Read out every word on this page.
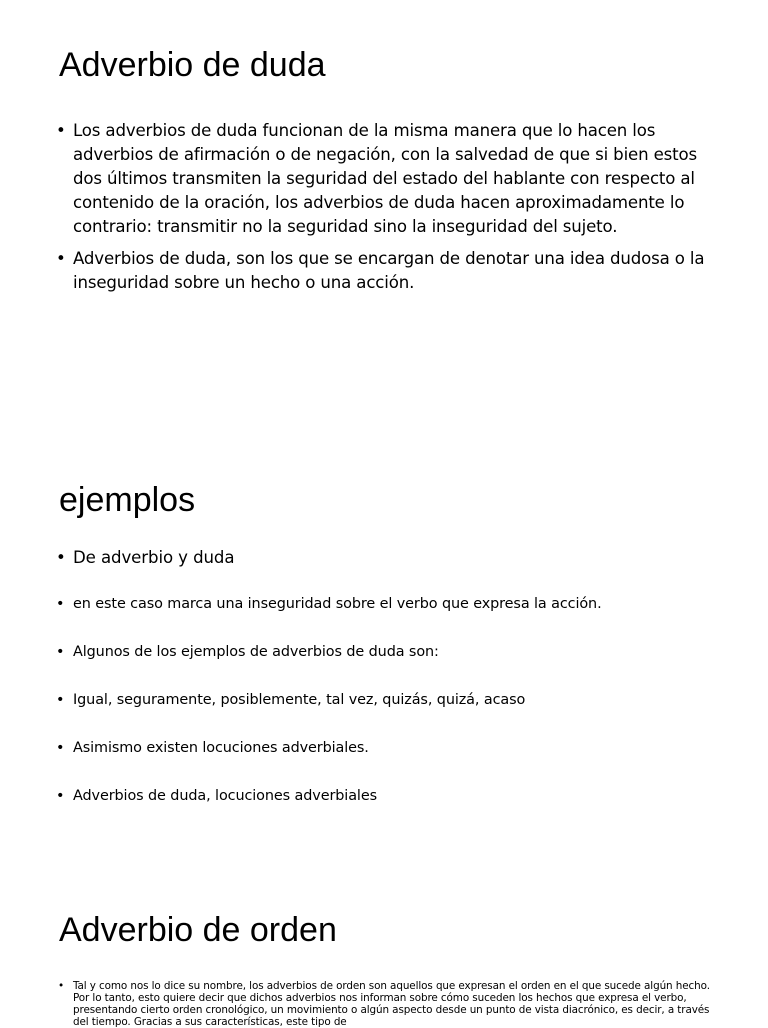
Adverbio de duda
• Los adverbios de duda funcionan de la misma manera que lo hacen los adverbios de afirmación o de negación, con la salvedad de que si bien estos dos últimos transmiten la seguridad del estado del hablante con respecto al contenido de la oración, los adverbios de duda hacen aproximadamente lo contrario: transmitir no la seguridad sino la inseguridad del sujeto.
• Adverbios de duda, son los que se encargan de denotar una idea dudosa o la inseguridad sobre un hecho o una acción.
ejemplos
• De adverbio y duda
• en este caso marca una inseguridad sobre el verbo que expresa la acción.
• Algunos de los ejemplos de adverbios de duda son:
• Igual, seguramente, posiblemente, tal vez, quizás, quizá, acaso
• Asimismo existen locuciones adverbiales.
• Adverbios de duda, locuciones adverbiales
Adverbio de orden
• Tal y como nos lo dice su nombre, los adverbios de orden son aquellos que expresan el orden en el que sucede algún hecho. Por lo tanto, esto quiere decir que dichos adverbios nos informan sobre cómo suceden los hechos que expresa el verbo, presentando cierto orden cronológico, un movimiento o algún aspecto desde un punto de vista diacrónico, es decir, a través del tiempo. Gracias a sus características, este tipo de
